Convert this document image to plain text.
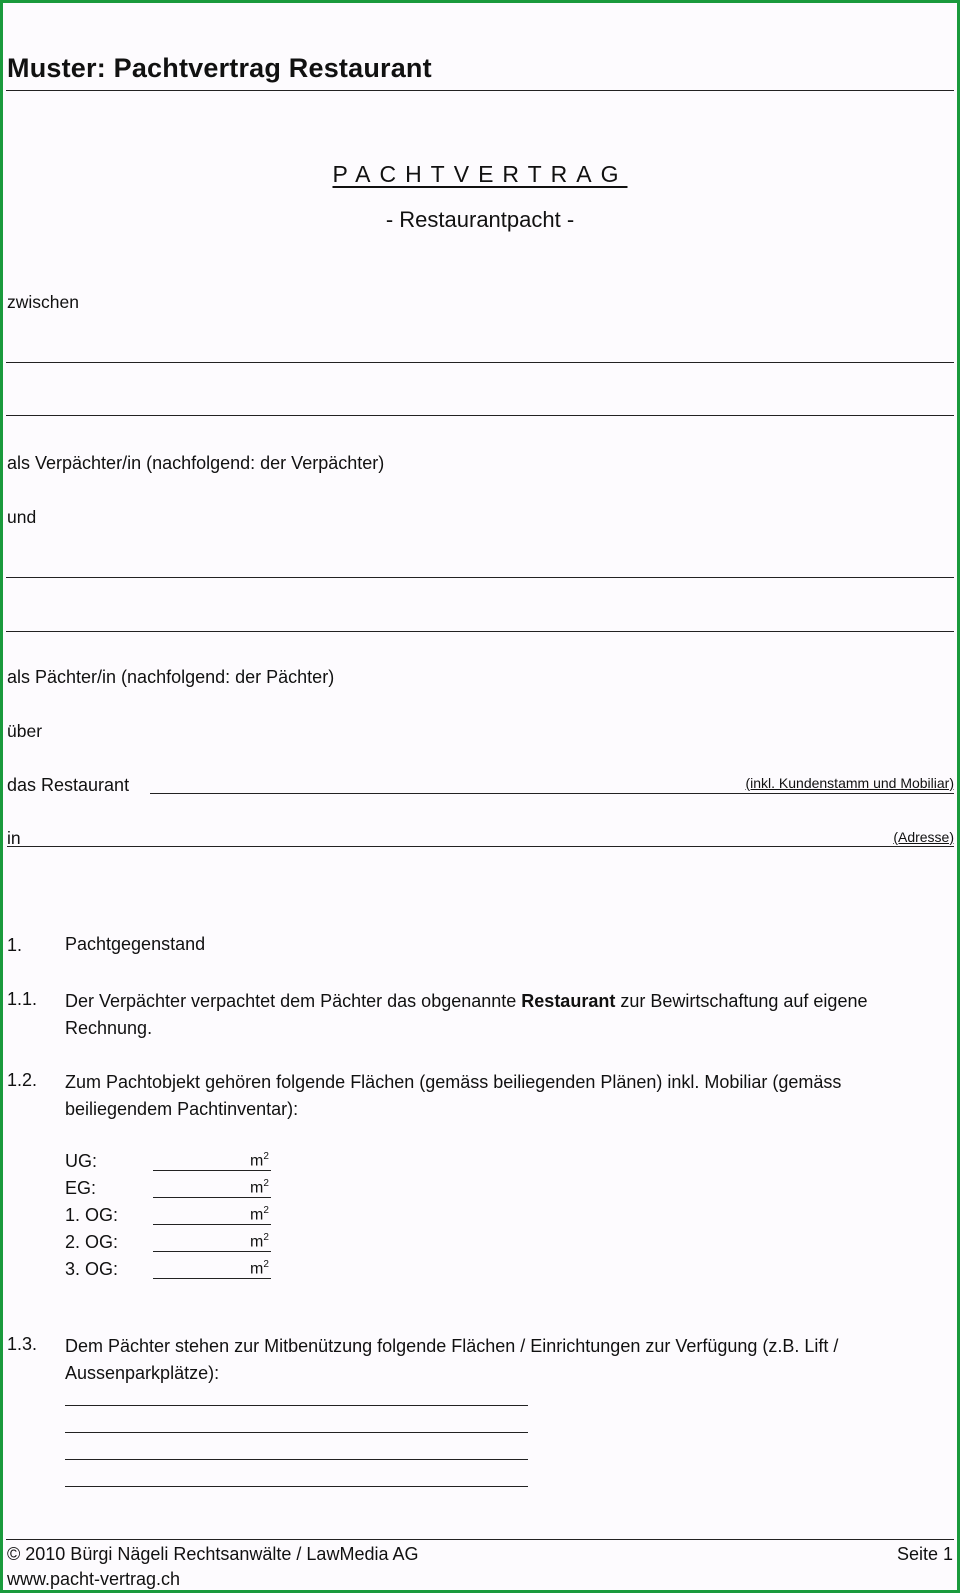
Muster: Pachtvertrag Restaurant
PACHTVERTRAG
- Restaurantpacht -
zwischen
als Verpächter/in (nachfolgend: der Verpächter)
und
als Pächter/in (nachfolgend: der Pächter)
über
das Restaurant	(inkl. Kundenstamm und Mobiliar)
in	(Adresse)
1. Pachtgegenstand
1.1. Der Verpächter verpachtet dem Pächter das obgenannte Restaurant zur Bewirtschaftung auf eigene Rechnung.
1.2. Zum Pachtobjekt gehören folgende Flächen (gemäss beiliegenden Plänen) inkl. Mobiliar (gemäss beiliegendem Pachtinventar):
UG:	$m^2$
EG:	$m^2$
1. OG:	$m^2$
2. OG:	$m^2$
3. OG:	$m^2$
1.3. Dem Pächter stehen zur Mitbenützung folgende Flächen / Einrichtungen zur Verfügung (z.B. Lift / Aussenparkplätze):
© 2010 Bürgi Nägeli Rechtsanwälte / LawMedia AG	Seite 1
www.pacht-vertrag.ch
